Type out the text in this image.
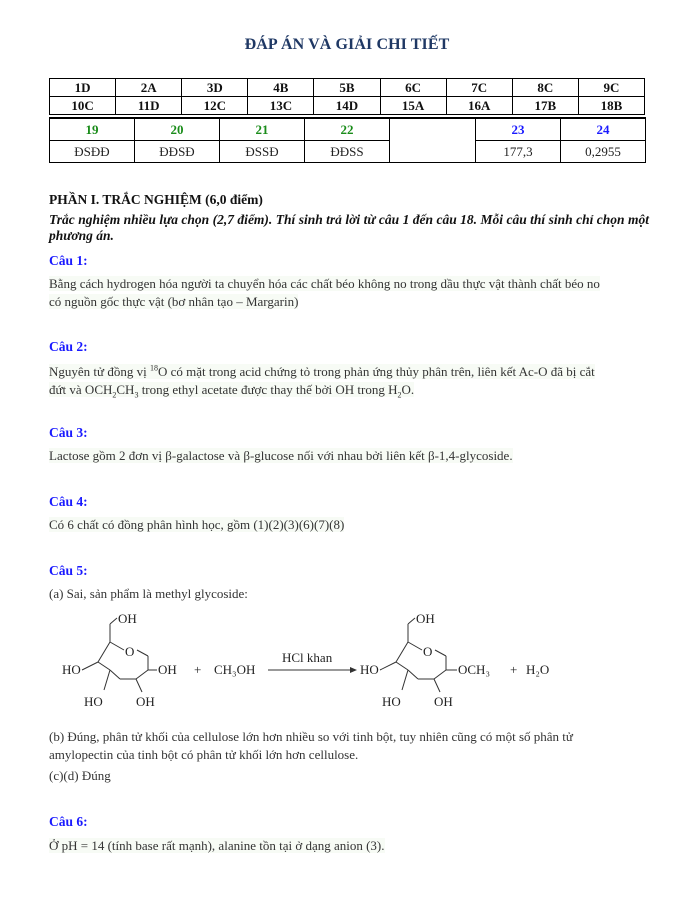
ĐÁP ÁN VÀ GIẢI CHI TIẾT
1D	2A	3D	4B	5B	6C	7C	8C	9C
10C	11D	12C	13C	14D	15A	16A	17B	18B
19	20	21	22		23	24
ĐSĐĐ	ĐĐSĐ	ĐSSĐ	ĐĐSS		177,3	0,2955

PHẦN I. TRẮC NGHIỆM (6,0 điểm)

Trắc nghiệm nhiều lựa chọn (2,7 điểm). Thí sinh trả lời từ câu 1 đến câu 18. Mỗi câu thí sinh chỉ chọn một phương án.

Câu 1:

Bằng cách hydrogen hóa người ta chuyển hóa các chất béo không no trong dầu thực vật thành chất béo no
có nguồn gốc thực vật (bơ nhân tạo – Margarin)

Câu 2:

Nguyên tử đồng vị $^{18}$O có mặt trong acid chứng tỏ trong phản ứng thủy phân trên, liên kết Ac-O đã bị cắt
đứt và $OCH_2CH_3$ trong ethyl acetate được thay thế bởi OH trong $H_2O$.

Câu 3:

Lactose gồm 2 đơn vị β-galactose và β-glucose nối với nhau bởi liên kết β-1,4-glycoside.

Câu 4:

Có 6 chất có đồng phân hình học, gồm (1)(2)(3)(6)(7)(8)

Câu 5:

(a) Sai, sản phẩm là methyl glycoside:
OH
O
HO	OH
HO	OH
+ CH₃OH
HCl khan
OH
O
HO	OCH₃
HO	OH
+ H₂O
(b) Đúng, phân tử khối của cellulose lớn hơn nhiều so với tinh bột, tuy nhiên cũng có một số phân tử
amylopectin của tinh bột có phân tử khối lớn hơn cellulose.
(c)(d) Đúng

Câu 6:

Ở pH = 14 (tính base rất mạnh), alanine tồn tại ở dạng anion (3).
